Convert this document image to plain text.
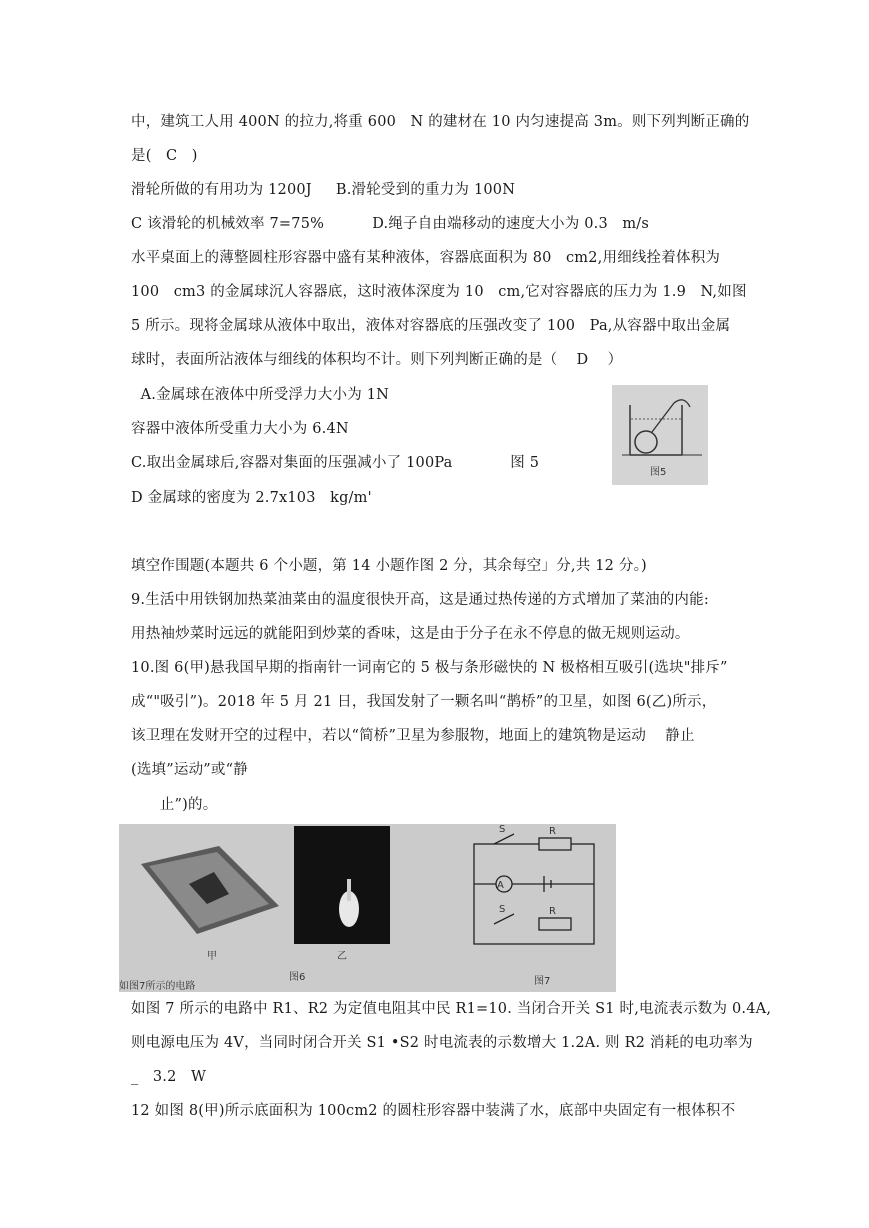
中，建筑工人用 400N 的拉力,将重 600   N 的建材在 10 内匀速提高 3m。则下列判断正确的
是(   C   )
滑轮所做的有用功为 1200J     B.滑轮受到的重力为 100N
C 该滑轮的机械效率 7=75%          D.绳子自由端移动的速度大小为 0.3   m/s
水平桌面上的薄整圆柱形容器中盛有某种液体，容器底面积为 80   cm2,用细线拴着体积为
100   cm3 的金属球沉人容器底，这时液体深度为 10   cm,它对容器底的压力为 1.9   N,如图
5 所示。现将金属球从液体中取出，液体对容器底的压强改变了 100   Pa,从容器中取出金属
球时，表面所沾液体与细线的体积均不计。则下列判断正确的是（    D    ）
A.金属球在液体中所受浮力大小为 1N
容器中液体所受重力大小为 6.4N
C.取出金属球后,容器对集面的压强减小了 100Pa            图 5
D 金属球的密度为 2.7x103   kg/m'
填空作围题(本题共 6 个小题，第 14 小题作图 2 分，其余每空」分,共 12 分。)
9.生活中用铁钢加热菜油菜由的温度很快开高，这是通过热传递的方式增加了菜油的内能:
用热袖炒菜时远远的就能阳到炒菜的香味，这是由于分子在永不停息的做无规则运动。
10.图 6(甲)悬我国早期的指南针一词南它的 5 极与条形磁快的 N 极格相互吸引(选块"排斥”
成“"吸引”)。2018 年 5 月 21 日，我国发射了一颗名叫“鹊桥”的卫星，如图 6(乙)所示，
该卫理在发财开空的过程中，若以“简桥”卫星为参服物，地面上的建筑物是运动    静止
(选填”运动”或“静
止”)的。
如图 7 所示的电路中 R1、R2 为定值电阻其中民 R1=10. 当闭合开关 S1 时,电流表示数为 0.4A,
则电源电压为 4V，当同时闭合开关 S1 •S2 时电流表的示数增大 1.2A. 则 R2 消耗的电功率为
_   3.2   W
12 如图 8(甲)所示底面积为 100cm2 的圆柱形容器中装满了水，底部中央固定有一根体积不
图5
甲	乙
图6
如图7所示的电路
A
S	R
S	R
图7
